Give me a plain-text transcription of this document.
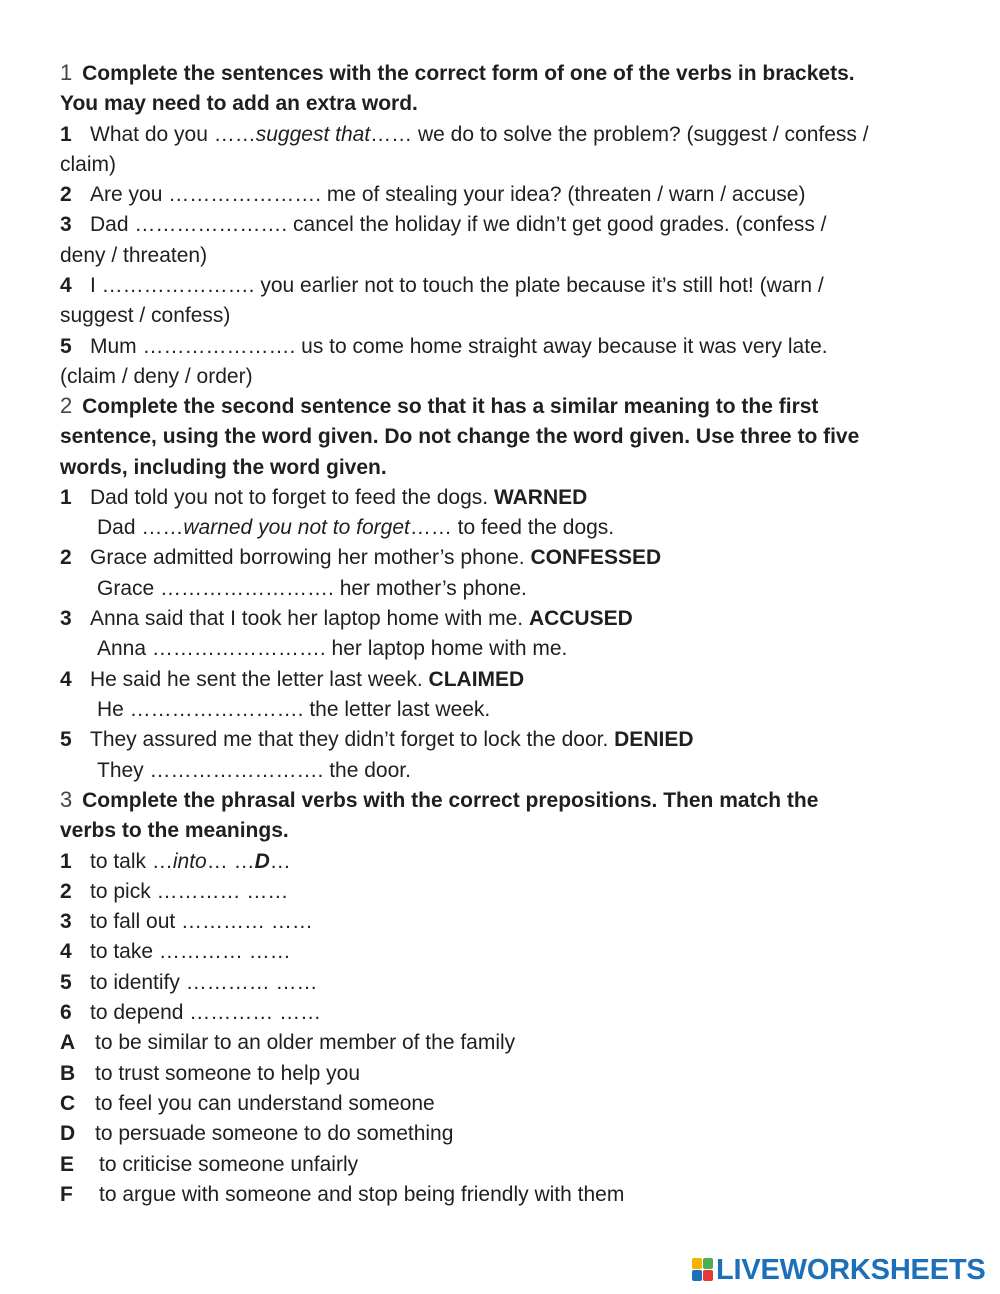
1 Complete the sentences with the correct form of one of the verbs in brackets.
You may need to add an extra word.
1 What do you ……suggest that…… we do to solve the problem? (suggest / confess /
claim)
2 Are you …………………. me of stealing your idea? (threaten / warn / accuse)
3 Dad …………………. cancel the holiday if we didn’t get good grades. (confess /
deny / threaten)
4 I …………………. you earlier not to touch the plate because it’s still hot! (warn /
suggest / confess)
5 Mum …………………. us to come home straight away because it was very late.
(claim / deny / order)
2 Complete the second sentence so that it has a similar meaning to the first
sentence, using the word given. Do not change the word given. Use three to five
words, including the word given.
1 Dad told you not to forget to feed the dogs. WARNED
Dad ……warned you not to forget…… to feed the dogs.
2 Grace admitted borrowing her mother’s phone. CONFESSED
Grace ……………………. her mother’s phone.
3 Anna said that I took her laptop home with me. ACCUSED
Anna ……………………. her laptop home with me.
4 He said he sent the letter last week. CLAIMED
He ……………………. the letter last week.
5 They assured me that they didn’t forget to lock the door. DENIED
They ……………………. the door.
3 Complete the phrasal verbs with the correct prepositions. Then match the
verbs to the meanings.
1 to talk …into… …D…
2 to pick ………… ……
3 to fall out ………… ……
4 to take ………… ……
5 to identify ………… ……
6 to depend ………… ……
A to be similar to an older member of the family
B to trust someone to help you
C to feel you can understand someone
D to persuade someone to do something
E to criticise someone unfairly
F to argue with someone and stop being friendly with them
LIVEWORKSHEETS
